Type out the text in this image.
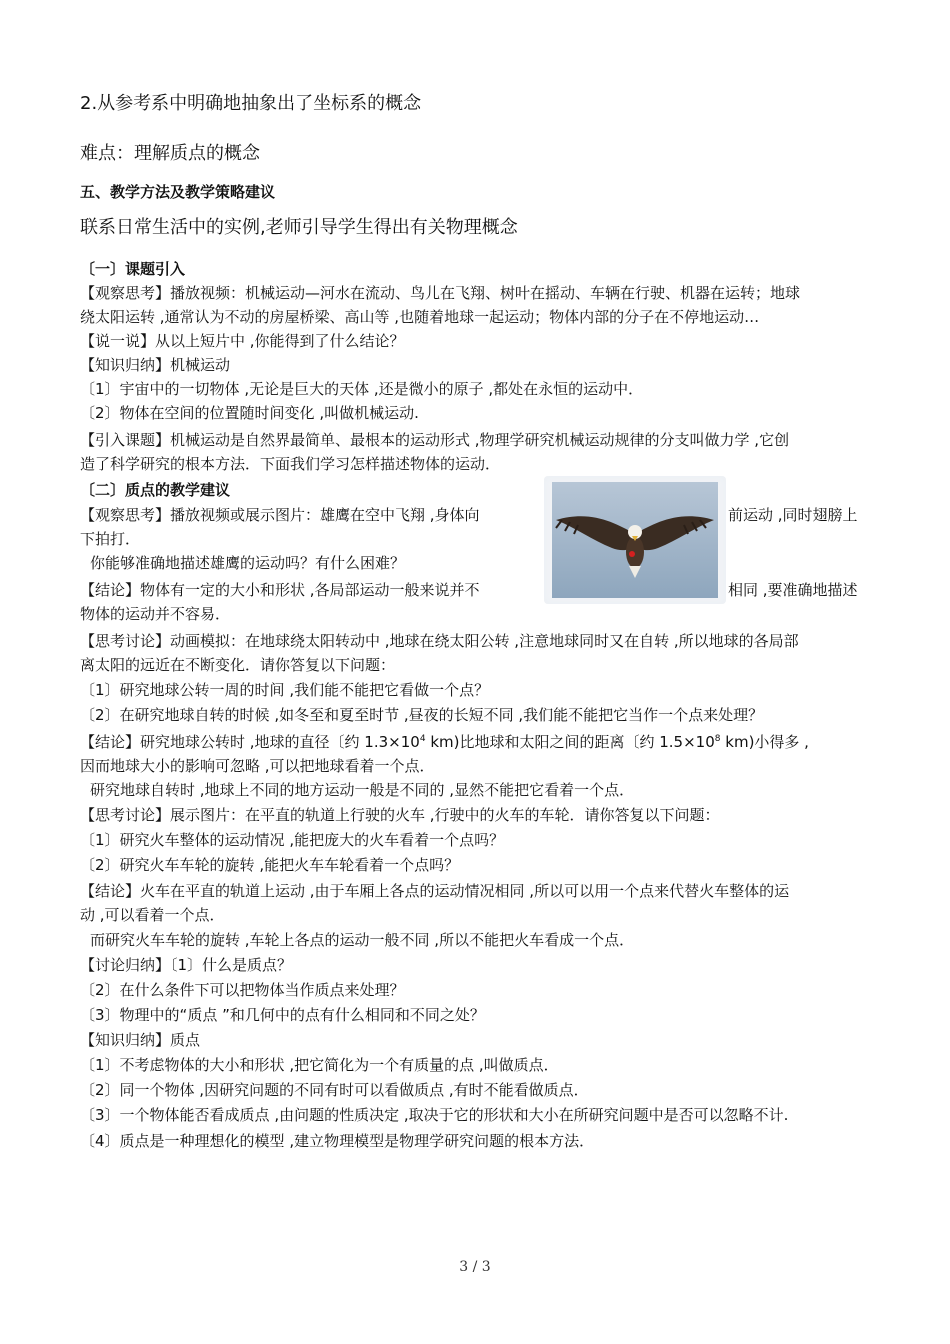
2.从参考系中明确地抽象出了坐标系的概念
难点：理解质点的概念
五、教学方法及教学策略建议
联系日常生活中的实例,老师引导学生得出有关物理概念
〔一〕课题引入
【观察思考】播放视频：机械运动—河水在流动、鸟儿在飞翔、树叶在摇动、车辆在行驶、机器在运转；地球
绕太阳运转 ,通常认为不动的房屋桥梁、高山等 ,也随着地球一起运动；物体内部的分子在不停地运动…
【说一说】从以上短片中 ,你能得到了什么结论？
【知识归纳】机械运动
〔1〕宇宙中的一切物体 ,无论是巨大的天体 ,还是微小的原子 ,都处在永恒的运动中．
〔2〕物体在空间的位置随时间变化 ,叫做机械运动.
【引入课题】机械运动是自然界最简单、最根本的运动形式 ,物理学研究机械运动规律的分支叫做力学 ,它创
造了科学研究的根本方法．下面我们学习怎样描述物体的运动．
〔二〕质点的教学建议
【观察思考】播放视频或展示图片：雄鹰在空中飞翔 ,身体向	前运动 ,同时翅膀上
下拍打．
你能够准确地描述雄鹰的运动吗？有什么困难？
【结论】物体有一定的大小和形状 ,各局部运动一般来说并不	相同 ,要准确地描述
物体的运动并不容易．
【思考讨论】动画模拟：在地球绕太阳转动中 ,地球在绕太阳公转 ,注意地球同时又在自转 ,所以地球的各局部
离太阳的远近在不断变化．请你答复以下问题：
〔1〕研究地球公转一周的时间 ,我们能不能把它看做一个点？
〔2〕在研究地球自转的时候 ,如冬至和夏至时节 ,昼夜的长短不同 ,我们能不能把它当作一个点来处理？
【结论】研究地球公转时 ,地球的直径〔约 $1.3\times 10^4$ km)比地球和太阳之间的距离〔约 $1.5\times 10^8$ km)小得多 ,
因而地球大小的影响可忽略 ,可以把地球看着一个点．
研究地球自转时 ,地球上不同的地方运动一般是不同的 ,显然不能把它看着一个点．
【思考讨论】展示图片：在平直的轨道上行驶的火车 ,行驶中的火车的车轮．请你答复以下问题：
〔1〕研究火车整体的运动情况 ,能把庞大的火车看着一个点吗？
〔2〕研究火车车轮的旋转 ,能把火车车轮看着一个点吗？
【结论】火车在平直的轨道上运动 ,由于车厢上各点的运动情况相同 ,所以可以用一个点来代替火车整体的运
动 ,可以看着一个点．
而研究火车车轮的旋转 ,车轮上各点的运动一般不同 ,所以不能把火车看成一个点．
【讨论归纳】〔1〕什么是质点？
〔2〕在什么条件下可以把物体当作质点来处理？
〔3〕物理中的“质点 ”和几何中的点有什么相同和不同之处？
【知识归纳】质点
〔1〕不考虑物体的大小和形状 ,把它简化为一个有质量的点 ,叫做质点．
〔2〕同一个物体 ,因研究问题的不同有时可以看做质点 ,有时不能看做质点．
〔3〕一个物体能否看成质点 ,由问题的性质决定 ,取决于它的形状和大小在所研究问题中是否可以忽略不计.
〔4〕质点是一种理想化的模型 ,建立物理模型是物理学研究问题的根本方法．
3 / 3
